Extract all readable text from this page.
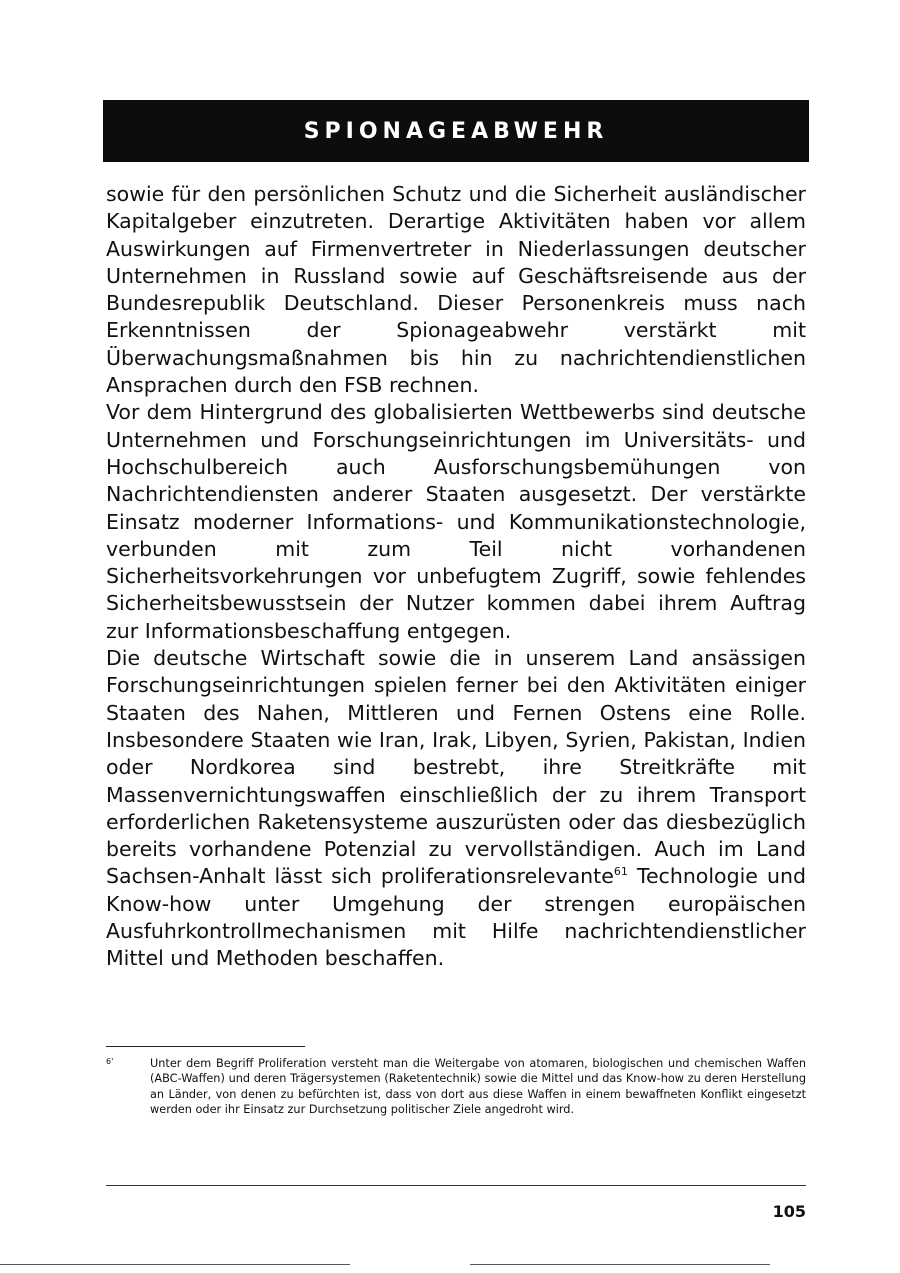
SPIONAGEABWEHR

sowie für den persönlichen Schutz und die Sicherheit ausländischer Kapitalgeber einzutreten. Derartige Aktivitäten haben vor allem Auswirkungen auf Firmenvertreter in Niederlassungen deutscher Unternehmen in Russland sowie auf Geschäftsreisende aus der Bundesrepublik Deutschland. Dieser Personenkreis muss nach Erkenntnissen der Spionageabwehr verstärkt mit Überwachungsmaßnahmen bis hin zu nachrichtendienstlichen Ansprachen durch den FSB rechnen.

Vor dem Hintergrund des globalisierten Wettbewerbs sind deutsche Unternehmen und Forschungseinrichtungen im Universitäts- und Hochschulbereich auch Ausforschungsbemühungen von Nachrichtendiensten anderer Staaten ausgesetzt. Der verstärkte Einsatz moderner Informations- und Kommunikationstechnologie, verbunden mit zum Teil nicht vorhandenen Sicherheitsvorkehrungen vor unbefugtem Zugriff, sowie fehlendes Sicherheitsbewusstsein der Nutzer kommen dabei ihrem Auftrag zur Informationsbeschaffung entgegen.

Die deutsche Wirtschaft sowie die in unserem Land ansässigen Forschungseinrichtungen spielen ferner bei den Aktivitäten einiger Staaten des Nahen, Mittleren und Fernen Ostens eine Rolle. Insbesondere Staaten wie Iran, Irak, Libyen, Syrien, Pakistan, Indien oder Nordkorea sind bestrebt, ihre Streitkräfte mit Massenvernichtungswaffen einschließlich der zu ihrem Transport erforderlichen Raketensysteme auszurüsten oder das diesbezüglich bereits vorhandene Potenzial zu vervollständigen. Auch im Land Sachsen-Anhalt lässt sich proliferationsrelevante$^{61}$ Technologie und Know-how unter Umgehung der strengen europäischen Ausfuhrkontrollmechanismen mit Hilfe nachrichtendienstlicher Mittel und Methoden beschaffen.

6'	Unter dem Begriff Proliferation versteht man die Weitergabe von atomaren, biologischen und chemischen Waffen (ABC-Waffen) und deren Trägersystemen (Raketentechnik) sowie die Mittel und das Know-how zu deren Herstellung an Länder, von denen zu befürchten ist, dass von dort aus diese Waffen in einem bewaffneten Konflikt eingesetzt werden oder ihr Einsatz zur Durchsetzung politischer Ziele angedroht wird.
105
